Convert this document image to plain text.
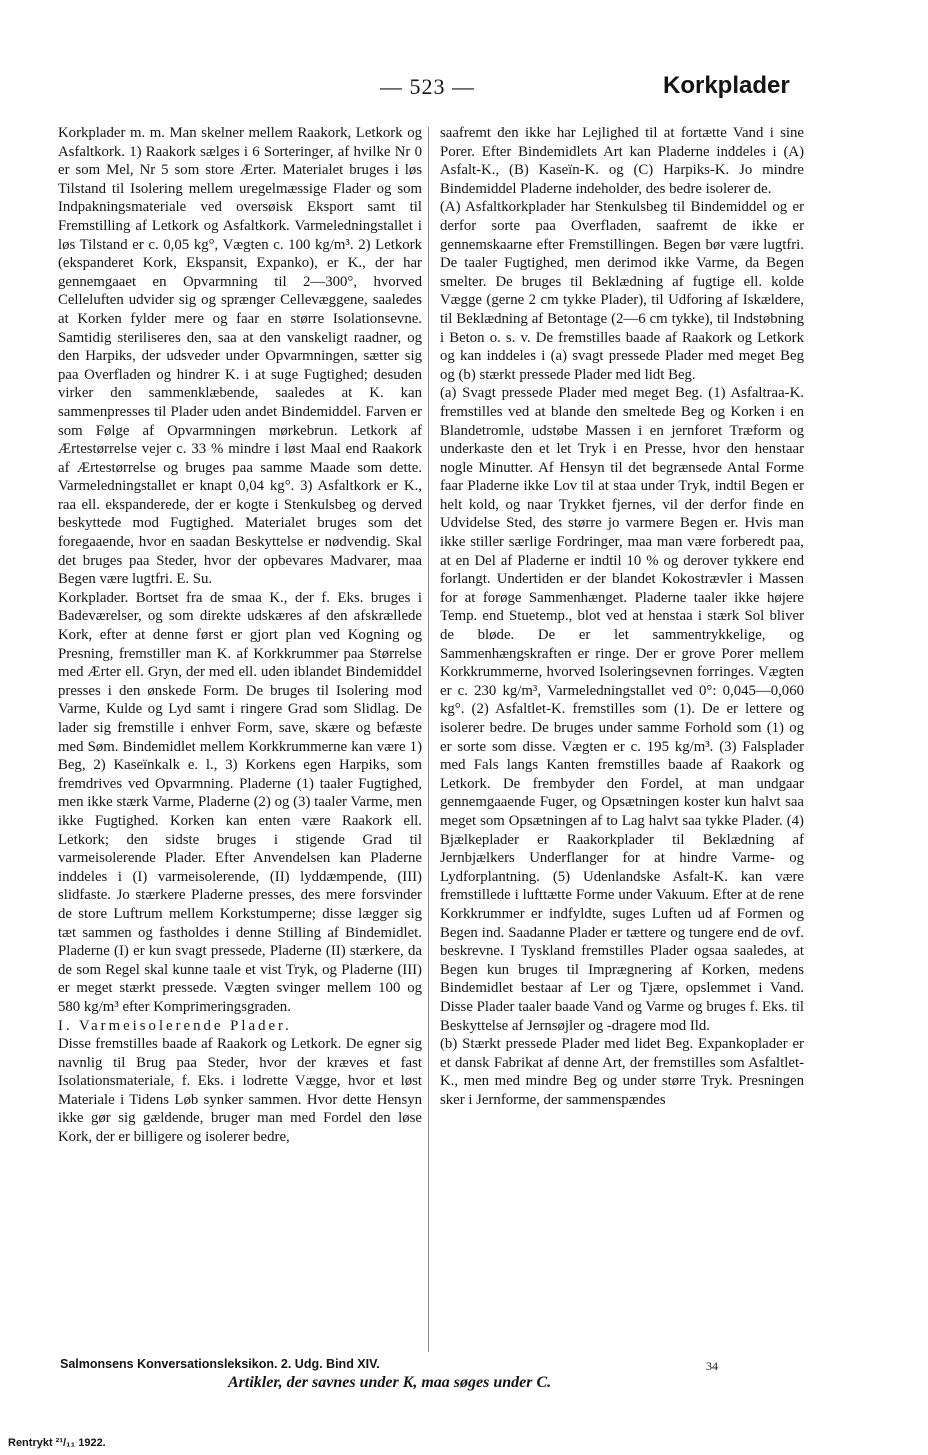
— 523 —	Korkplader

Korkplader m. m. Man skelner mellem Raakork, Letkork og Asfaltkork. 1) Raakork sælges i 6 Sorteringer, af hvilke Nr 0 er som Mel, Nr 5 som store Ærter. Materialet bruges i løs Tilstand til Isolering mellem uregelmæssige Flader og som Indpakningsmateriale ved oversøisk Eksport samt til Fremstilling af Letkork og Asfaltkork. Varmeledningstallet i løs Tilstand er c. 0,05 kg°, Vægten c. 100 kg/m³. 2) Letkork (ekspanderet Kork, Ekspansit, Expanko), er K., der har gennemgaaet en Opvarmning til 2—300°, hvorved Celleluften udvider sig og sprænger Cellevæggene, saaledes at Korken fylder mere og faar en større Isolationsevne. Samtidig steriliseres den, saa at den vanskeligt raadner, og den Harpiks, der udsveder under Opvarmningen, sætter sig paa Overfladen og hindrer K. i at suge Fugtighed; desuden virker den sammenklæbende, saaledes at K. kan sammenpresses til Plader uden andet Bindemiddel. Farven er som Følge af Opvarmningen mørkebrun. Letkork af Ærtestørrelse vejer c. 33 % mindre i løst Maal end Raakork af Ærtestørrelse og bruges paa samme Maade som dette. Varmeledningstallet er knapt 0,04 kg°. 3) Asfaltkork er K., raa ell. ekspanderede, der er kogte i Stenkulsbeg og derved beskyttede mod Fugtighed. Materialet bruges som det foregaaende, hvor en saadan Beskyttelse er nødvendig. Skal det bruges paa Steder, hvor der opbevares Madvarer, maa Begen være lugtfri. E. Su.

Korkplader. Bortset fra de smaa K., der f. Eks. bruges i Badeværelser, og som direkte udskæres af den afskrællede Kork, efter at denne først er gjort plan ved Kogning og Presning, fremstiller man K. af Korkkrummer paa Størrelse med Ærter ell. Gryn, der med ell. uden iblandet Bindemiddel presses i den ønskede Form. De bruges til Isolering mod Varme, Kulde og Lyd samt i ringere Grad som Slidlag. De lader sig fremstille i enhver Form, save, skære og befæste med Søm. Bindemidlet mellem Korkkrummerne kan være 1) Beg, 2) Kaseïnkalk e. l., 3) Korkens egen Harpiks, som fremdrives ved Opvarmning. Pladerne (1) taaler Fugtighed, men ikke stærk Varme, Pladerne (2) og (3) taaler Varme, men ikke Fugtighed. Korken kan enten være Raakork ell. Letkork; den sidste bruges i stigende Grad til varmeisolerende Plader. Efter Anvendelsen kan Pladerne inddeles i (I) varmeisolerende, (II) lyddæmpende, (III) slidfaste. Jo stærkere Pladerne presses, des mere forsvinder de store Luftrum mellem Korkstumperne; disse lægger sig tæt sammen og fastholdes i denne Stilling af Bindemidlet. Pladerne (I) er kun svagt pressede, Pladerne (II) stærkere, da de som Regel skal kunne taale et vist Tryk, og Pladerne (III) er meget stærkt pressede. Vægten svinger mellem 100 og 580 kg/m³ efter Komprimeringsgraden.

I. Varmeisolerende Plader.

Disse fremstilles baade af Raakork og Letkork. De egner sig navnlig til Brug paa Steder, hvor der kræves et fast Isolationsmateriale, f. Eks. i lodrette Vægge, hvor et løst Materiale i Tidens Løb synker sammen. Hvor dette Hensyn ikke gør sig gældende, bruger man med Fordel den løse Kork, der er billigere og isolerer bedre,

saafremt den ikke har Lejlighed til at fortætte Vand i sine Porer. Efter Bindemidlets Art kan Pladerne inddeles i (A) Asfalt-K., (B) Kaseïn-K. og (C) Harpiks-K. Jo mindre Bindemiddel Pladerne indeholder, des bedre isolerer de.

(A) Asfaltkorkplader har Stenkulsbeg til Bindemiddel og er derfor sorte paa Overfladen, saafremt de ikke er gennemskaarne efter Fremstillingen. Begen bør være lugtfri. De taaler Fugtighed, men derimod ikke Varme, da Begen smelter. De bruges til Beklædning af fugtige ell. kolde Vægge (gerne 2 cm tykke Plader), til Udforing af Iskældere, til Beklædning af Betontage (2—6 cm tykke), til Indstøbning i Beton o. s. v. De fremstilles baade af Raakork og Letkork og kan inddeles i (a) svagt pressede Plader med meget Beg og (b) stærkt pressede Plader med lidt Beg.

(a) Svagt pressede Plader med meget Beg. (1) Asfaltraa-K. fremstilles ved at blande den smeltede Beg og Korken i en Blandetromle, udstøbe Massen i en jernforet Træform og underkaste den et let Tryk i en Presse, hvor den henstaar nogle Minutter. Af Hensyn til det begrænsede Antal Forme faar Pladerne ikke Lov til at staa under Tryk, indtil Begen er helt kold, og naar Trykket fjernes, vil der derfor finde en Udvidelse Sted, des større jo varmere Begen er. Hvis man ikke stiller særlige Fordringer, maa man være forberedt paa, at en Del af Pladerne er indtil 10 % og derover tykkere end forlangt. Undertiden er der blandet Kokostrævler i Massen for at forøge Sammenhænget. Pladerne taaler ikke højere Temp. end Stuetemp., blot ved at henstaa i stærk Sol bliver de bløde. De er let sammentrykkelige, og Sammenhængskraften er ringe. Der er grove Porer mellem Korkkrummerne, hvorved Isoleringsevnen forringes. Vægten er c. 230 kg/m³, Varmeledningstallet ved 0°: 0,045—0,060 kg°. (2) Asfaltlet-K. fremstilles som (1). De er lettere og isolerer bedre. De bruges under samme Forhold som (1) og er sorte som disse. Vægten er c. 195 kg/m³. (3) Falsplader med Fals langs Kanten fremstilles baade af Raakork og Letkork. De frembyder den Fordel, at man undgaar gennemgaaende Fuger, og Opsætningen koster kun halvt saa meget som Opsætningen af to Lag halvt saa tykke Plader. (4) Bjælkeplader er Raakorkplader til Beklædning af Jernbjælkers Underflanger for at hindre Varme- og Lydforplantning. (5) Udenlandske Asfalt-K. kan være fremstillede i lufttætte Forme under Vakuum. Efter at de rene Korkkrummer er indfyldte, suges Luften ud af Formen og Begen ind. Saadanne Plader er tættere og tungere end de ovf. beskrevne. I Tyskland fremstilles Plader ogsaa saaledes, at Begen kun bruges til Imprægnering af Korken, medens Bindemidlet bestaar af Ler og Tjære, opslemmet i Vand. Disse Plader taaler baade Vand og Varme og bruges f. Eks. til Beskyttelse af Jernsøjler og -dragere mod Ild.

(b) Stærkt pressede Plader med lidet Beg. Expankoplader er et dansk Fabrikat af denne Art, der fremstilles som Asfaltlet-K., men med mindre Beg og under større Tryk. Presningen sker i Jernforme, der sammenspændes

Salmonsens Konversationsleksikon. 2. Udg. Bind XIV.	34
Artikler, der savnes under K, maa søges under C.
Rentrykt ²¹/₁₁ 1922.
